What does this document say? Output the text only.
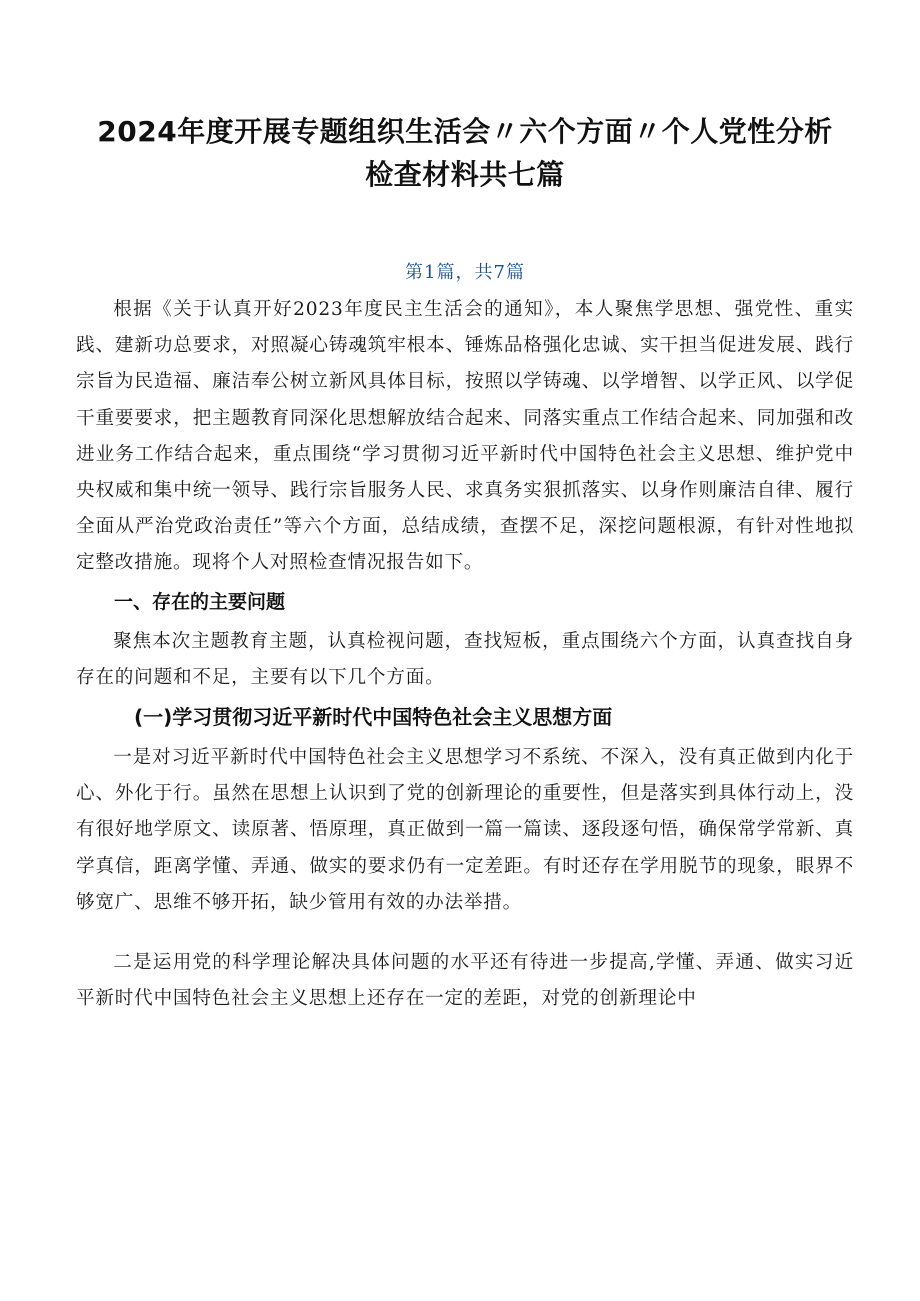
2024年度开展专题组织生活会〃六个方面〃个人党性分析检查材料共七篇
第1篇，共7篇

根据《关于认真开好2023年度民主生活会的通知》，本人聚焦学思想、强党性、重实践、建新功总要求，对照凝心铸魂筑牢根本、锤炼品格强化忠诚、实干担当促进发展、践行宗旨为民造福、廉洁奉公树立新风具体目标，按照以学铸魂、以学增智、以学正风、以学促干重要要求，把主题教育同深化思想解放结合起来、同落实重点工作结合起来、同加强和改进业务工作结合起来，重点围绕“学习贯彻习近平新时代中国特色社会主义思想、维护党中央权威和集中统一领导、践行宗旨服务人民、求真务实狠抓落实、以身作则廉洁自律、履行全面从严治党政治责任”等六个方面，总结成绩，查摆不足，深挖问题根源，有针对性地拟定整改措施。现将个人对照检查情况报告如下。

一、存在的主要问题

聚焦本次主题教育主题，认真检视问题，查找短板，重点围绕六个方面，认真查找自身存在的问题和不足，主要有以下几个方面。

(一)学习贯彻习近平新时代中国特色社会主义思想方面

一是对习近平新时代中国特色社会主义思想学习不系统、不深入，没有真正做到内化于心、外化于行。虽然在思想上认识到了党的创新理论的重要性，但是落实到具体行动上，没有很好地学原文、读原著、悟原理，真正做到一篇一篇读、逐段逐句悟，确保常学常新、真学真信，距离学懂、弄通、做实的要求仍有一定差距。有时还存在学用脱节的现象，眼界不够宽广、思维不够开拓，缺少管用有效的办法举措。

二是运用党的科学理论解决具体问题的水平还有待进一步提高,学懂、弄通、做实习近平新时代中国特色社会主义思想上还存在一定的差距，对党的创新理论中
